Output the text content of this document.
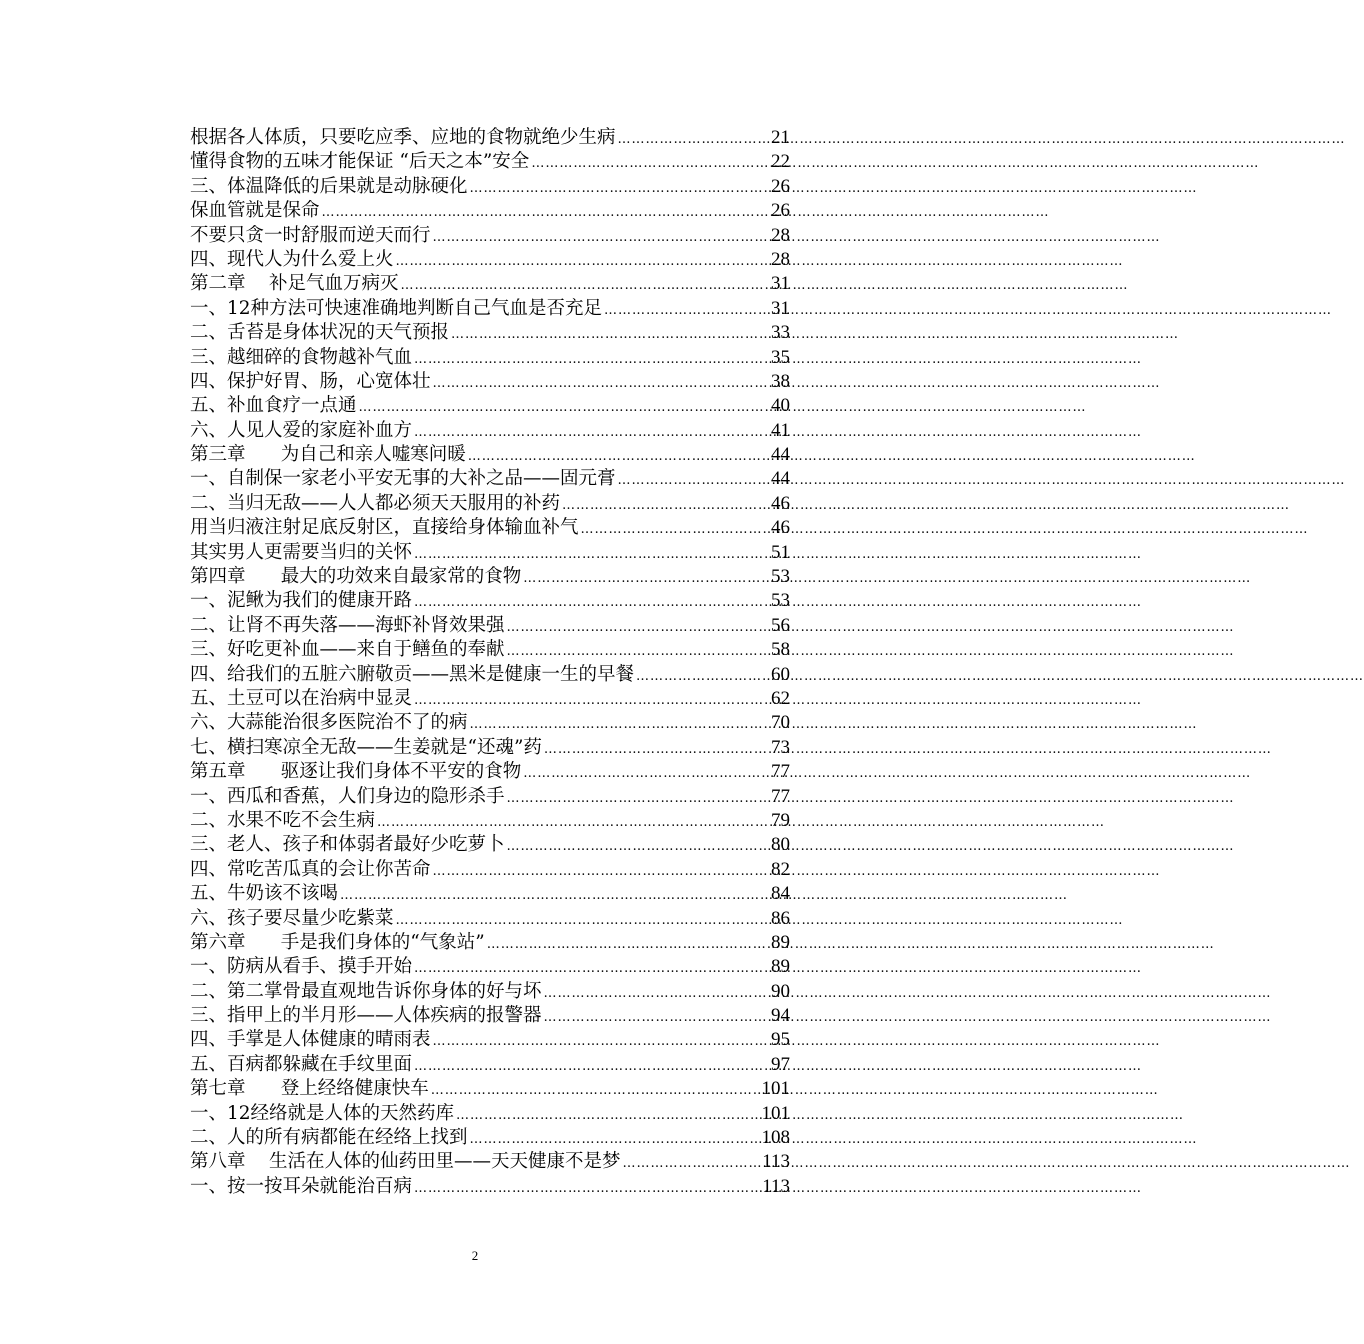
根据各人体质，只要吃应季、应地的食物就绝少生病 …………………………………………………………………………………………………………………………………………	21
懂得食物的五味才能保证 “后天之本”安全 …………………………………………………………………………………………………………………………………………	22
三、体温降低的后果就是动脉硬化 …………………………………………………………………………………………………………………………………………	26
保血管就是保命 …………………………………………………………………………………………………………………………………………	26
不要只贪一时舒服而逆天而行 …………………………………………………………………………………………………………………………………………	28
四、现代人为什么爱上火 …………………………………………………………………………………………………………………………………………	28
第二章    补足气血万病灭 …………………………………………………………………………………………………………………………………………	31
一、12种方法可快速准确地判断自己气血是否充足 …………………………………………………………………………………………………………………………………………	31
二、舌苔是身体状况的天气预报 …………………………………………………………………………………………………………………………………………	33
三、越细碎的食物越补气血 …………………………………………………………………………………………………………………………………………	35
四、保护好胃、肠，心宽体壮 …………………………………………………………………………………………………………………………………………	38
五、补血食疗一点通 …………………………………………………………………………………………………………………………………………	40
六、人见人爱的家庭补血方 …………………………………………………………………………………………………………………………………………	41
第三章      为自己和亲人嘘寒问暖 …………………………………………………………………………………………………………………………………………	44
一、自制保一家老小平安无事的大补之品——固元膏 …………………………………………………………………………………………………………………………………………	44
二、当归无敌——人人都必须天天服用的补药 …………………………………………………………………………………………………………………………………………	46
用当归液注射足底反射区，直接给身体输血补气 …………………………………………………………………………………………………………………………………………	46
其实男人更需要当归的关怀 …………………………………………………………………………………………………………………………………………	51
第四章      最大的功效来自最家常的食物 …………………………………………………………………………………………………………………………………………	53
一、泥鳅为我们的健康开路 …………………………………………………………………………………………………………………………………………	53
二、让肾不再失落——海虾补肾效果强 …………………………………………………………………………………………………………………………………………	56
三、好吃更补血——来自于鳝鱼的奉献 …………………………………………………………………………………………………………………………………………	58
四、给我们的五脏六腑敬贡——黑米是健康一生的早餐 …………………………………………………………………………………………………………………………………………	60
五、土豆可以在治病中显灵 …………………………………………………………………………………………………………………………………………	62
六、大蒜能治很多医院治不了的病 …………………………………………………………………………………………………………………………………………	70
七、横扫寒凉全无敌——生姜就是“还魂”药 …………………………………………………………………………………………………………………………………………	73
第五章      驱逐让我们身体不平安的食物 …………………………………………………………………………………………………………………………………………	77
一、西瓜和香蕉，人们身边的隐形杀手 …………………………………………………………………………………………………………………………………………	77
二、水果不吃不会生病 …………………………………………………………………………………………………………………………………………	79
三、老人、孩子和体弱者最好少吃萝卜 …………………………………………………………………………………………………………………………………………	80
四、常吃苦瓜真的会让你苦命 …………………………………………………………………………………………………………………………………………	82
五、牛奶该不该喝 …………………………………………………………………………………………………………………………………………	84
六、孩子要尽量少吃紫菜 …………………………………………………………………………………………………………………………………………	86
第六章      手是我们身体的“气象站” …………………………………………………………………………………………………………………………………………	89
一、防病从看手、摸手开始 …………………………………………………………………………………………………………………………………………	89
二、第二掌骨最直观地告诉你身体的好与坏 …………………………………………………………………………………………………………………………………………	90
三、指甲上的半月形——人体疾病的报警器 …………………………………………………………………………………………………………………………………………	94
四、手掌是人体健康的晴雨表 …………………………………………………………………………………………………………………………………………	95
五、百病都躲藏在手纹里面 …………………………………………………………………………………………………………………………………………	97
第七章      登上经络健康快车 …………………………………………………………………………………………………………………………………………	101
一、12经络就是人体的天然药库 …………………………………………………………………………………………………………………………………………	101
二、人的所有病都能在经络上找到 …………………………………………………………………………………………………………………………………………	108
第八章    生活在人体的仙药田里——天天健康不是梦 …………………………………………………………………………………………………………………………………………	113
一、按一按耳朵就能治百病 …………………………………………………………………………………………………………………………………………	113
2
